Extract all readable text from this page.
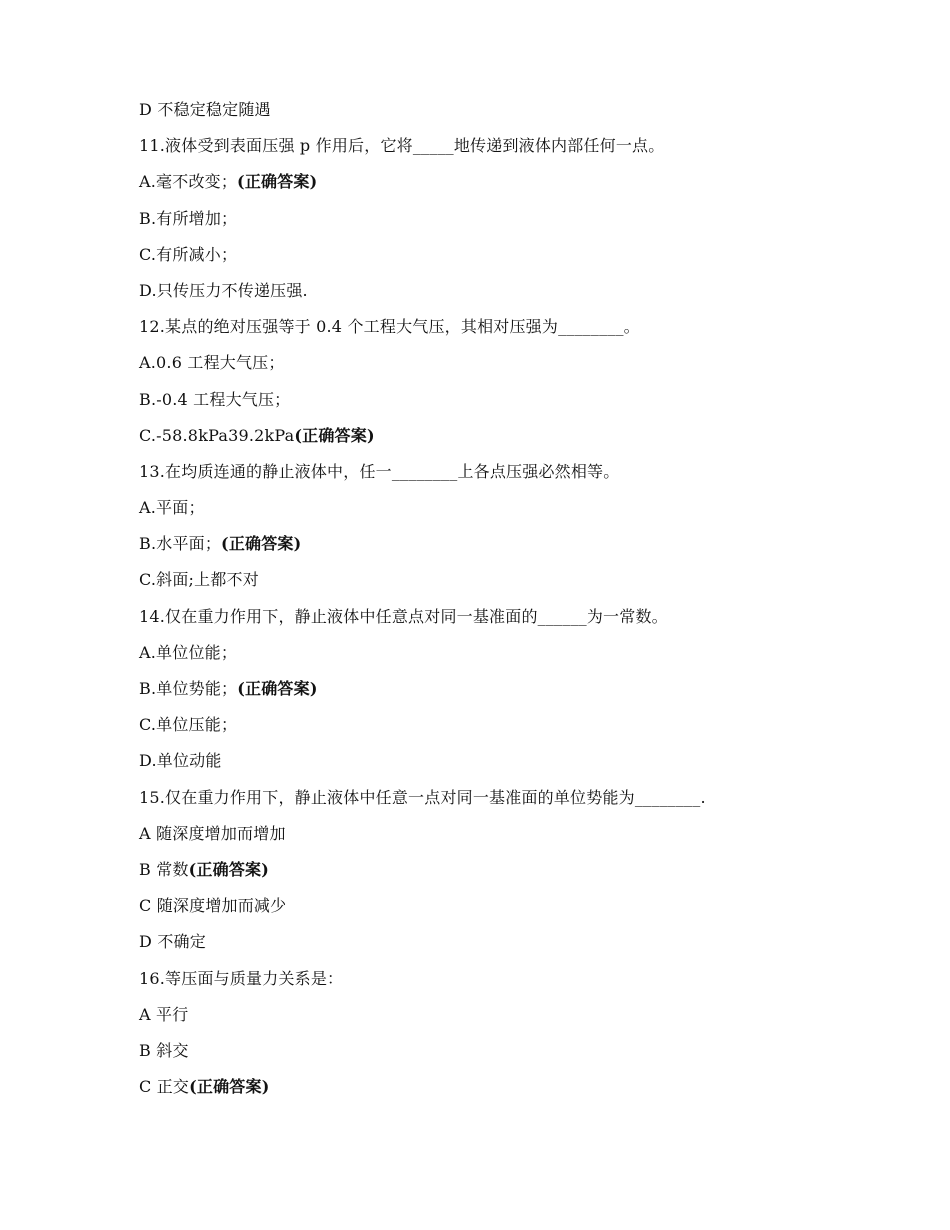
D 不稳定稳定随遇
11.液体受到表面压强 p 作用后，它将_____地传递到液体内部任何一点。
A.毫不改变；(正确答案)
B.有所增加；
C.有所减小；
D.只传压力不传递压强.
12.某点的绝对压强等于 0.4 个工程大气压，其相对压强为________。
A.0.6 工程大气压；
B.-0.4 工程大气压；
C.-58.8kPa39.2kPa(正确答案)
13.在均质连通的静止液体中，任一________上各点压强必然相等。
A.平面；
B.水平面；(正确答案)
C.斜面;上都不对
14.仅在重力作用下，静止液体中任意点对同一基准面的______为一常数。
A.单位位能；
B.单位势能；(正确答案)
C.单位压能；
D.单位动能
15.仅在重力作用下，静止液体中任意一点对同一基准面的单位势能为________.
A 随深度增加而增加
B 常数(正确答案)
C 随深度增加而减少
D 不确定
16.等压面与质量力关系是：
A 平行
B 斜交
C 正交(正确答案)
